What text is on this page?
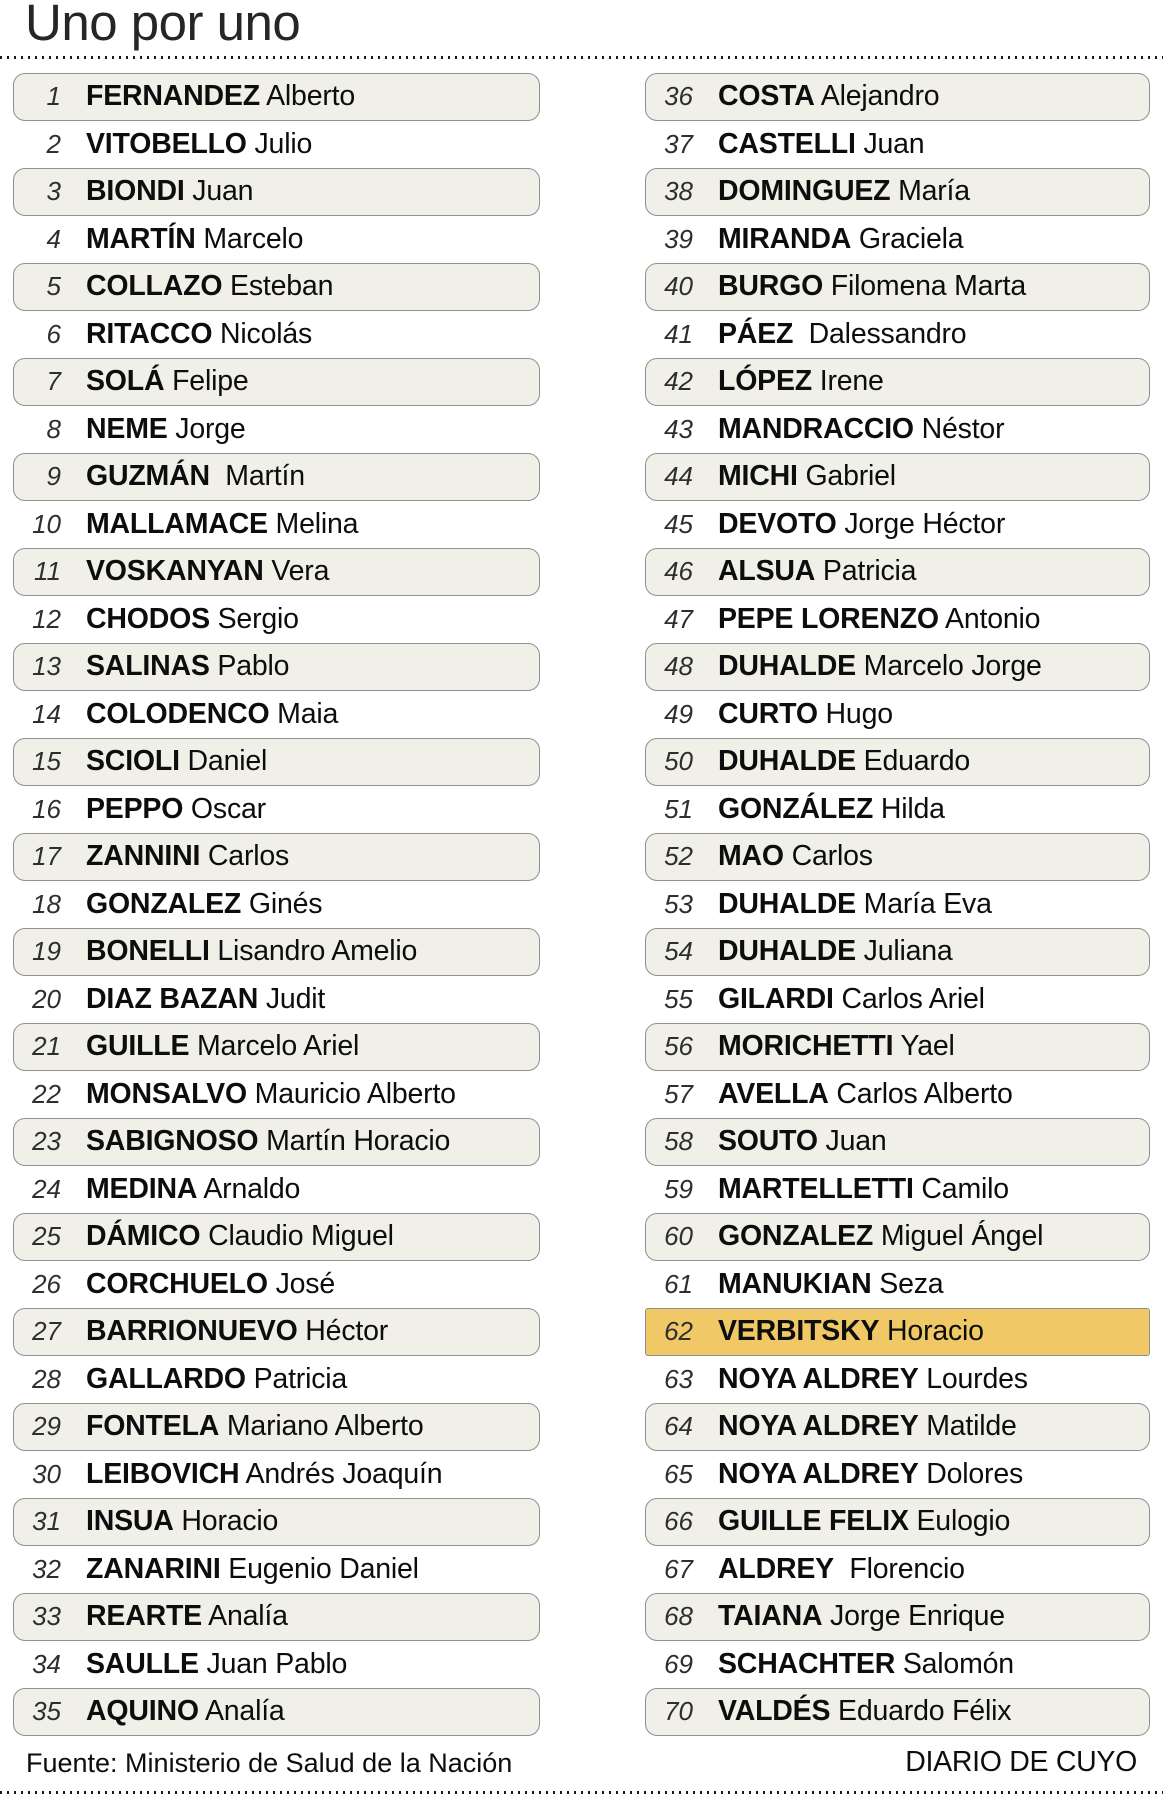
Uno por uno
1 FERNANDEZ Alberto
2 VITOBELLO Julio
3 BIONDI Juan
4 MARTÍN Marcelo
5 COLLAZO Esteban
6 RITACCO Nicolás
7 SOLÁ Felipe
8 NEME Jorge
9 GUZMÁN  Martín
10 MALLAMACE Melina
11 VOSKANYAN Vera
12 CHODOS Sergio
13 SALINAS Pablo
14 COLODENCO Maia
15 SCIOLI Daniel
16 PEPPO Oscar
17 ZANNINI Carlos
18 GONZALEZ Ginés
19 BONELLI Lisandro Amelio
20 DIAZ BAZAN Judit
21 GUILLE Marcelo Ariel
22 MONSALVO Mauricio Alberto
23 SABIGNOSO Martín Horacio
24 MEDINA Arnaldo
25 DÁMICO Claudio Miguel
26 CORCHUELO José
27 BARRIONUEVO Héctor
28 GALLARDO Patricia
29 FONTELA Mariano Alberto
30 LEIBOVICH Andrés Joaquín
31 INSUA Horacio
32 ZANARINI Eugenio Daniel
33 REARTE Analía
34 SAULLE Juan Pablo
35 AQUINO Analía
36 COSTA Alejandro
37 CASTELLI Juan
38 DOMINGUEZ María
39 MIRANDA Graciela
40 BURGO Filomena Marta
41 PÁEZ  Dalessandro
42 LÓPEZ Irene
43 MANDRACCIO Néstor
44 MICHI Gabriel
45 DEVOTO Jorge Héctor
46 ALSUA Patricia
47 PEPE LORENZO Antonio
48 DUHALDE Marcelo Jorge
49 CURTO Hugo
50 DUHALDE Eduardo
51 GONZÁLEZ Hilda
52 MAO Carlos
53 DUHALDE María Eva
54 DUHALDE Juliana
55 GILARDI Carlos Ariel
56 MORICHETTI Yael
57 AVELLA Carlos Alberto
58 SOUTO Juan
59 MARTELLETTI Camilo
60 GONZALEZ Miguel Ángel
61 MANUKIAN Seza
62 VERBITSKY Horacio
63 NOYA ALDREY Lourdes
64 NOYA ALDREY Matilde
65 NOYA ALDREY Dolores
66 GUILLE FELIX Eulogio
67 ALDREY  Florencio
68 TAIANA Jorge Enrique
69 SCHACHTER Salomón
70 VALDÉS Eduardo Félix
Fuente: Ministerio de Salud de la Nación	DIARIO DE CUYO
